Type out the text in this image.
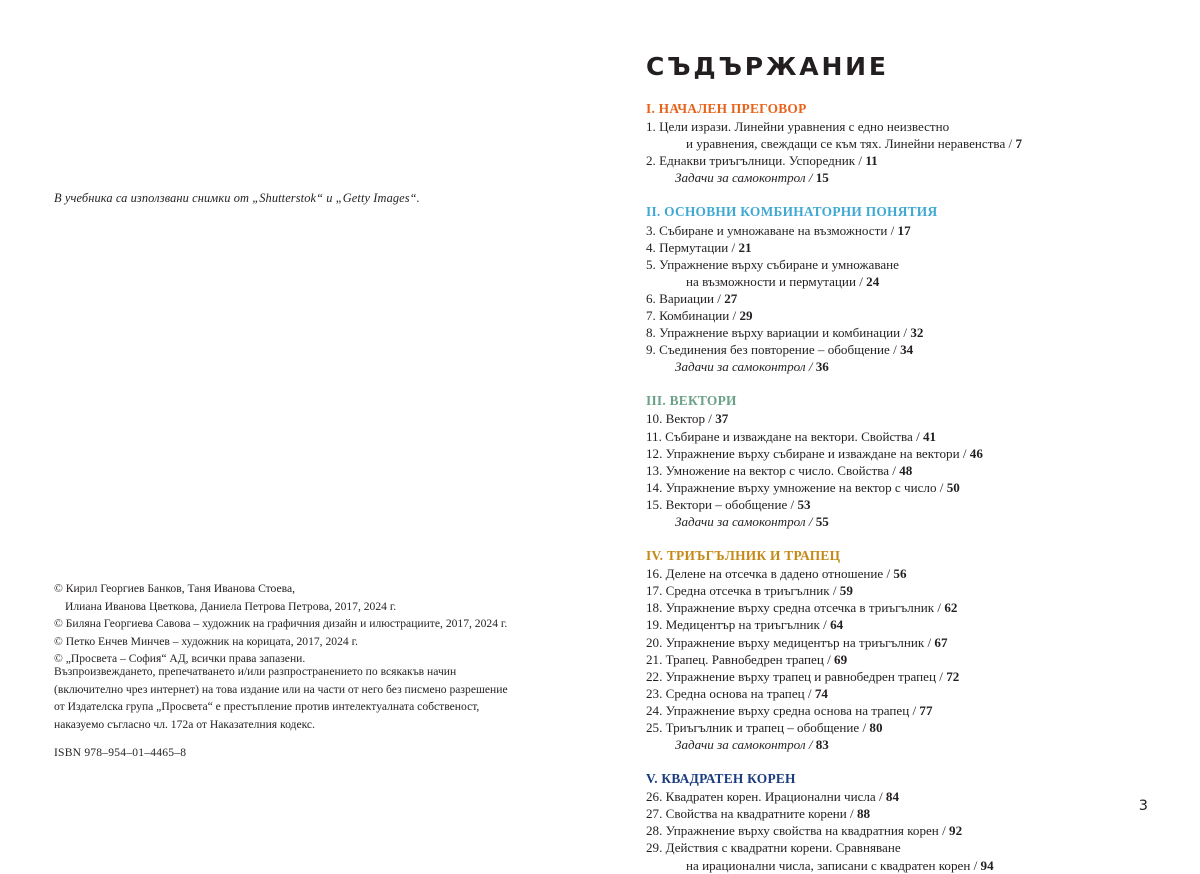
В учебника са използвани снимки от „Shutterstok“ и „Getty Images“.
© Кирил Георгиев Банков, Таня Иванова Стоева,
Илиана Иванова Цветкова, Даниела Петрова Петрова, 2017, 2024 г.
© Биляна Георгиева Савова – художник на графичния дизайн и илюстрациите, 2017, 2024 г.
© Петко Енчев Минчев – художник на корицата, 2017, 2024 г.
© „Просвета – София“ АД, всички права запазени.
Възпроизвеждането, препечатването и/или разпространението по всякакъв начин
(включително чрез интернет) на това издание или на части от него без писмено разрешение
от Издателска група „Просвета“ е престъпление против интелектуалната собственост,
наказуемо съгласно чл. 172а от Наказателния кодекс.
ISBN 978–954–01–4465–8
СЪДЪРЖАНИЕ
I. НАЧАЛЕН ПРЕГОВОР
1. Цели изрази. Линейни уравнения с едно неизвестно
и уравнения, свеждащи се към тях. Линейни неравенства / 7
2. Еднакви триъгълници. Успоредник / 11
Задачи за самоконтрол / 15
II. ОСНОВНИ КОМБИНАТОРНИ ПОНЯТИЯ
3. Събиране и умножаване на възможности / 17
4. Пермутации / 21
5. Упражнение върху събиране и умножаване
на възможности и пермутации / 24
6. Вариации / 27
7. Комбинации / 29
8. Упражнение върху вариации и комбинации / 32
9. Съединения без повторение – обобщение / 34
Задачи за самоконтрол / 36
III. ВЕКТОРИ
10. Вектор / 37
11. Събиране и изваждане на вектори. Свойства / 41
12. Упражнение върху събиране и изваждане на вектори / 46
13. Умножение на вектор с число. Свойства / 48
14. Упражнение върху умножение на вектор с число / 50
15. Вектори – обобщение / 53
Задачи за самоконтрол / 55
IV. ТРИЪГЪЛНИК И ТРАПЕЦ
16. Делене на отсечка в дадено отношение / 56
17. Средна отсечка в триъгълник / 59
18. Упражнение върху средна отсечка в триъгълник / 62
19. Медицентър на триъгълник / 64
20. Упражнение върху медицентър на триъгълник / 67
21. Трапец. Равнобедрен трапец / 69
22. Упражнение върху трапец и равнобедрен трапец / 72
23. Средна основа на трапец / 74
24. Упражнение върху средна основа на трапец / 77
25. Триъгълник и трапец – обобщение / 80
Задачи за самоконтрол / 83
V. КВАДРАТЕН КОРЕН
26. Квадратен корен. Ирационални числа / 84
27. Свойства на квадратните корени / 88
28. Упражнение върху свойства на квадратния корен / 92
29. Действия с квадратни корени. Сравняване
на ирационални числа, записани с квадратен корен / 94
3
